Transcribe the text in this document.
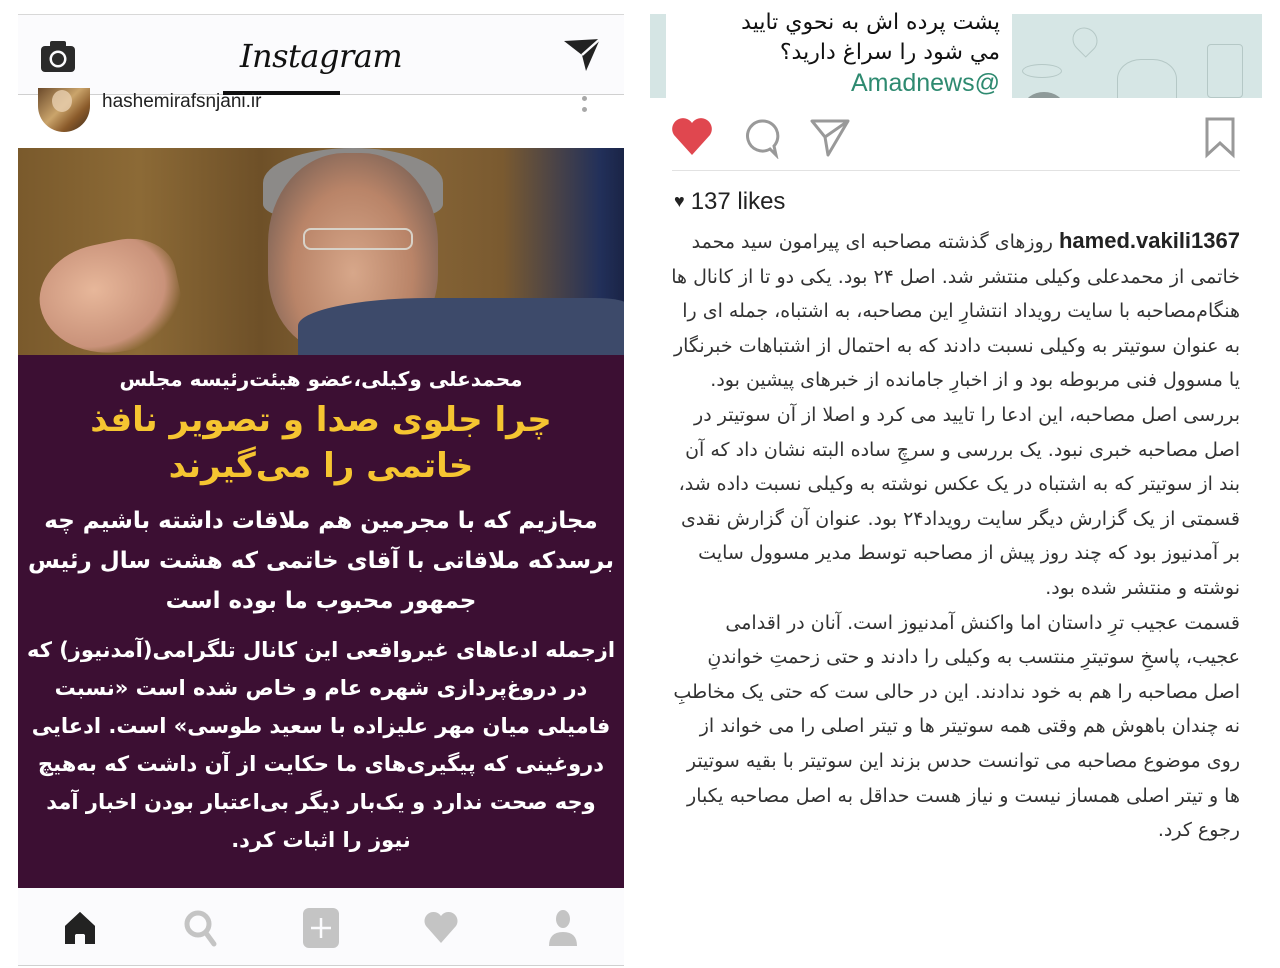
Instagram
hashemirafsnjani.ir
محمدعلی وکیلی،عضو هیئت‌رئیسه مجلس
چرا جلوی صدا و تصویر نافذ
خاتمی را می‌گیرند
مجازیم که با مجرمین هم ملاقات داشته باشیم چه برسد‌که ملاقاتی با آقای خاتمی که هشت سال رئیس جمهور محبوب ما بوده است
ازجمله ادعاهای غیرواقعی این کانال تلگرامی(آمدنیوز) که در دروغ‌پردازی شهره عام و خاص شده است «نسبت فامیلی میان مهر علیزاده با سعید طوسی» است. ادعایی دروغینی که پیگیری‌های ما حکایت از آن داشت که به‌هیچ وجه صحت ندارد و یک‌بار دیگر بی‌اعتبار بودن اخبار آمد نیوز را اثبات کرد.
پشت پرده اش به نحوي تاييد
مي شود را سراغ داريد؟
Amadnews@
♥ 137 likes

hamed.vakili1367 روزهای گذشته مصاحبه ای پیرامون سید محمد خاتمی از محمدعلی وکیلی منتشر شد. اصل ۲۴ بود. یکی دو تا از کانال ها هنگام‌مصاحبه با سایت رویداد انتشارِ این مصاحبه، به اشتباه، جمله ای را به عنوان سوتیتر به وکیلی نسبت دادند که به احتمال از اشتباهات خبرنگار یا مسوول فنی مربوطه بود و از اخبارِ جامانده از خبرهای پیشین بود.

بررسی اصل مصاحبه، این ادعا را تایید می کرد و اصلا از آن سوتیتر در اصل مصاحبه خبری نبود. یک بررسی و سرچِ ساده البته نشان داد که آن بند از سوتیتر که به اشتباه در یک عکس نوشته به وکیلی نسبت داده شد، قسمتی از یک گزارش دیگر سایت رویداد۲۴ بود. عنوان آن گزارش نقدی بر آمدنیوز بود که چند روز پیش از مصاحبه توسط مدیر مسوول سایت نوشته و منتشر شده بود.

قسمت عجیب ترِ داستان اما واکنش آمدنیوز است. آنان در اقدامی عجیب، پاسخِ سوتیترِ منتسب به وکیلی را دادند و حتی زحمتِ خواندنِ اصل مصاحبه را هم به خود ندادند. این در حالی ست که حتی یک مخاطبِ نه چندان باهوش هم وقتی همه سوتیتر ها و تیتر اصلی را می خواند از روی موضوع مصاحبه می توانست حدس بزند این سوتیتر با بقیه سوتیتر ها و تیتر اصلی همساز نیست و نیاز هست حداقل به اصل مصاحبه یکبار رجوع کرد.
